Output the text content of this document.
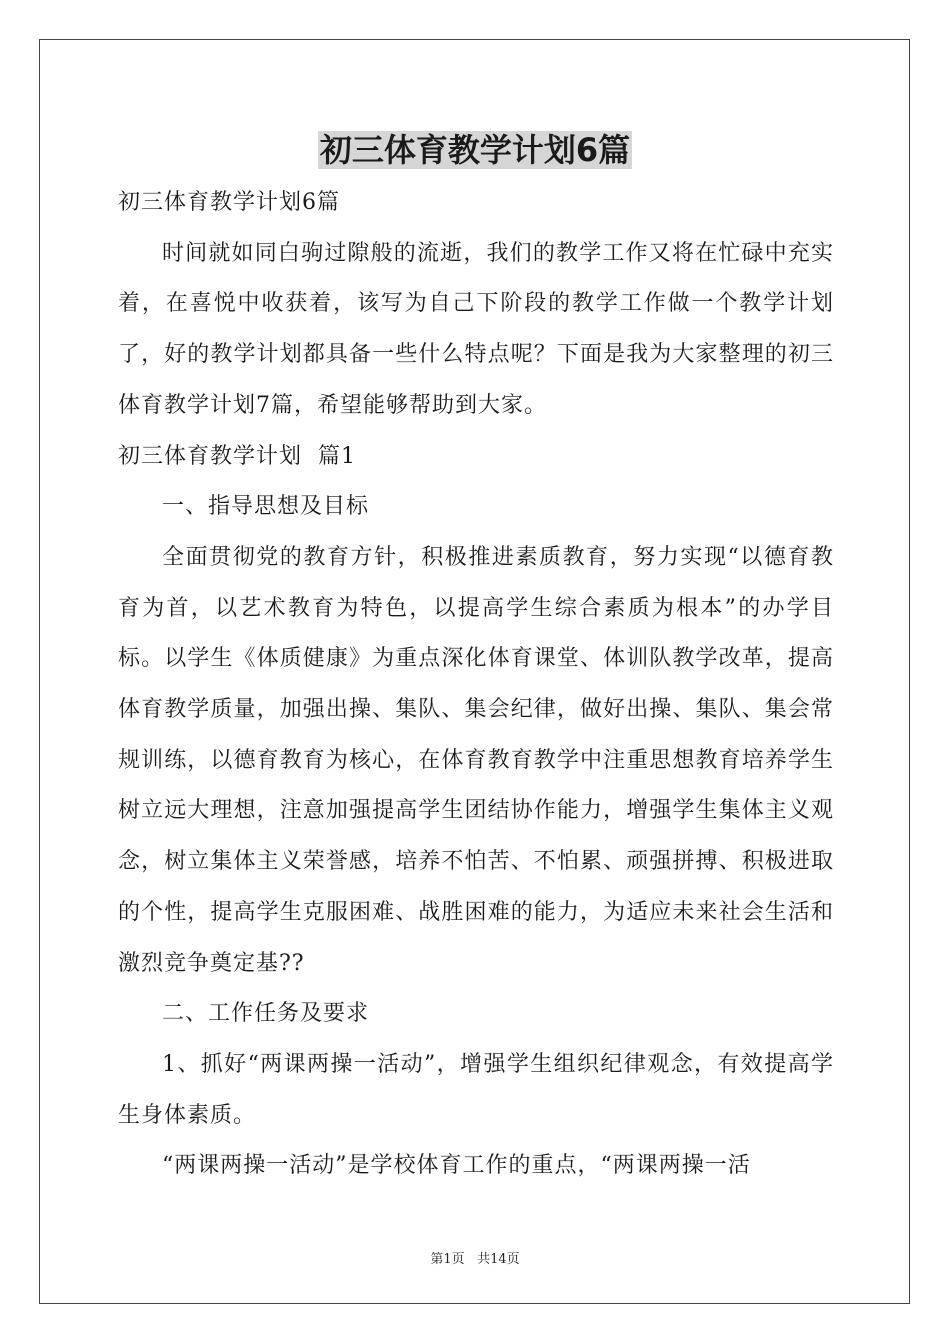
初三体育教学计划6篇

初三体育教学计划6篇

时间就如同白驹过隙般的流逝，我们的教学工作又将在忙碌中充实着，在喜悦中收获着，该写为自己下阶段的教学工作做一个教学计划了，好的教学计划都具备一些什么特点呢？下面是我为大家整理的初三体育教学计划7篇，希望能够帮助到大家。

初三体育教学计划  篇1

一、指导思想及目标

全面贯彻党的教育方针，积极推进素质教育，努力实现“以德育教育为首，以艺术教育为特色，以提高学生综合素质为根本”的办学目标。以学生《体质健康》为重点深化体育课堂、体训队教学改革，提高体育教学质量，加强出操、集队、集会纪律，做好出操、集队、集会常规训练，以德育教育为核心，在体育教育教学中注重思想教育培养学生树立远大理想，注意加强提高学生团结协作能力，增强学生集体主义观念，树立集体主义荣誉感，培养不怕苦、不怕累、顽强拼搏、积极进取的个性，提高学生克服困难、战胜困难的能力，为适应未来社会生活和激烈竞争奠定基??

二、工作任务及要求

1、抓好“两课两操一活动”，增强学生组织纪律观念，有效提高学生身体素质。

“两课两操一活动”是学校体育工作的重点，“两课两操一活

第1页 共14页
